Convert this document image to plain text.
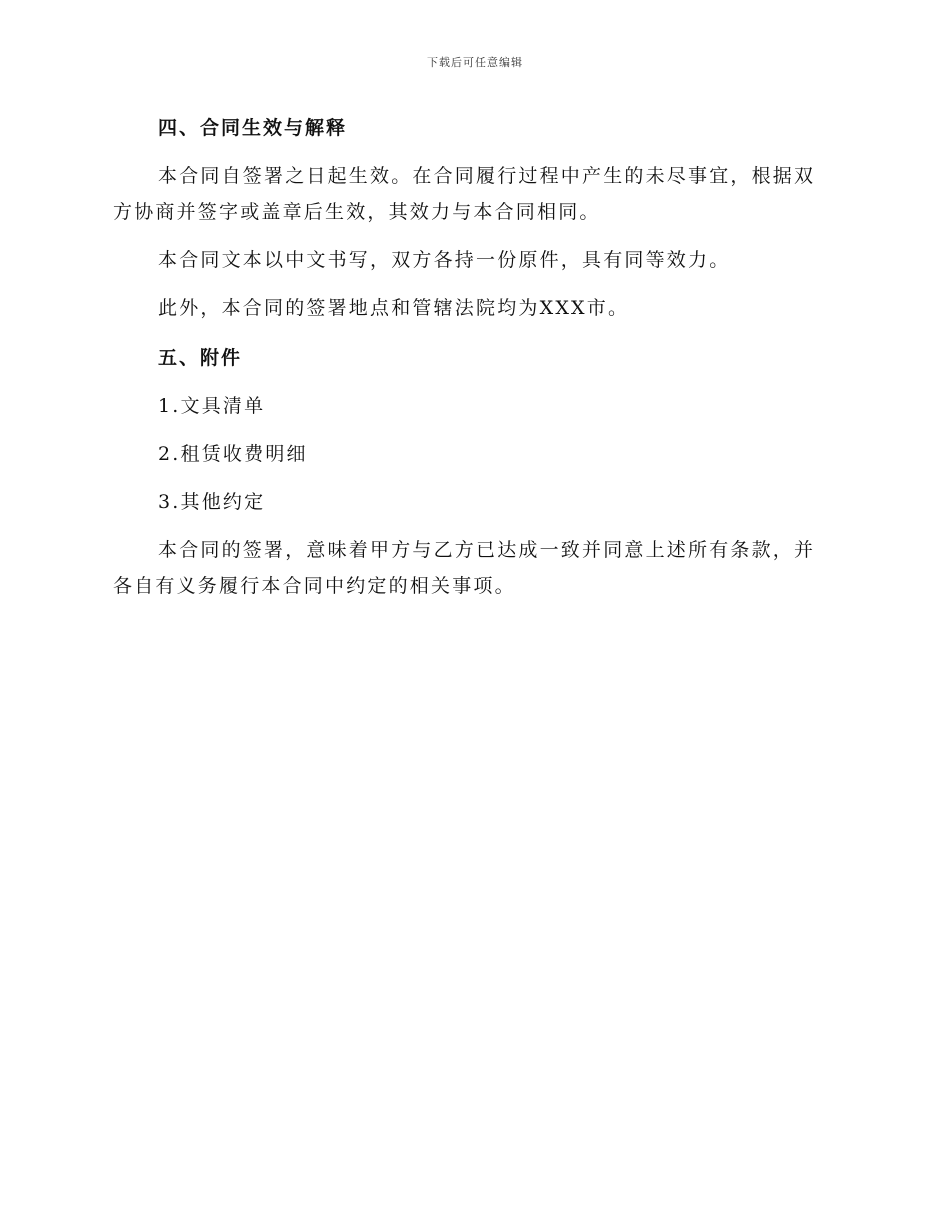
下载后可任意编辑

四、合同生效与解释

本合同自签署之日起生效。在合同履行过程中产生的未尽事宜，根据双方协商并签字或盖章后生效，其效力与本合同相同。

本合同文本以中文书写，双方各持一份原件，具有同等效力。

此外，本合同的签署地点和管辖法院均为XXX市。

五、附件

1.文具清单

2.租赁收费明细

3.其他约定

本合同的签署，意味着甲方与乙方已达成一致并同意上述所有条款，并各自有义务履行本合同中约定的相关事项。
